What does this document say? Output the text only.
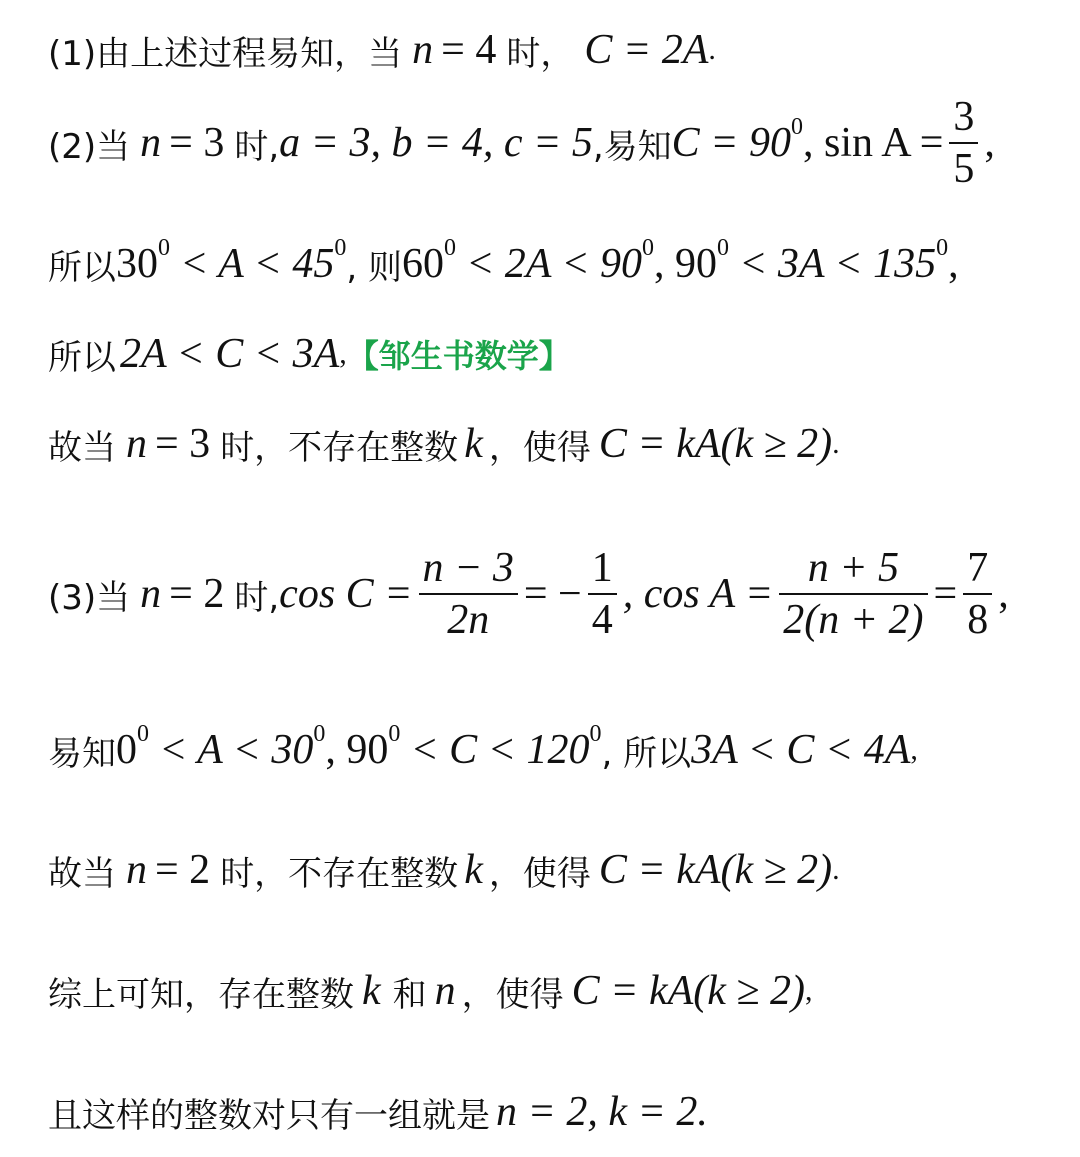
(1)由上述过程易知，当 n = 4 时， C = 2A .
(2)当 n = 3 时, a = 3, b = 4, c = 5 ,易知 C = 90 0 , $\sin A = \frac{3}{5}$ ,
所以 30 0 < A < 45 0 , 则 60 0 < 2A < 90 0 , 90 0 < 3A < 135 0 ,
所以 2A < C < 3A , 【邹生书数学】
故当 n = 3 时，不存在整数 k ，使得 C = kA(k ≥ 2) .
(3)当 n = 2 时, $\cos C = \frac{n - 3}{2n}$ = − $\frac{1}{4}$ , $\cos A = \frac{n + 5}{2(n + 2)} = \frac{7}{8}$ ,
易知 0 0 < A < 30 0 , 90 0 < C < 120 0 , 所以 3A < C < 4A ,
故当 n = 2 时，不存在整数 k ，使得 C = kA(k ≥ 2) .
综上可知，存在整数 k 和 n ，使得 C = kA(k ≥ 2) ,
且这样的整数对只有一组就是 n = 2, k = 2.
